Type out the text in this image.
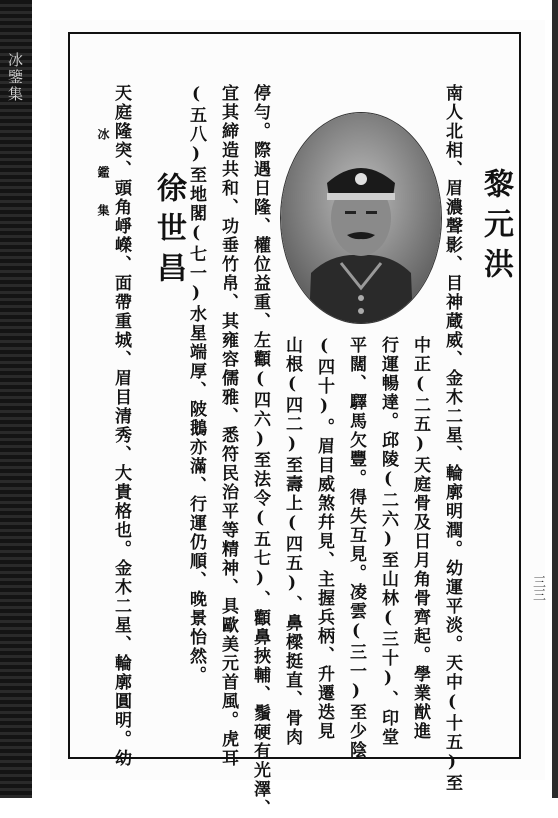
冰鑒集
三三
冰 鑑 集	黎元洪
南人北相、眉濃聲影、目神蔵威、金木二星、輪廓明潤。幼運平淡。天中(十五)至
中正(二五)天庭骨及日月角骨齊起。學業猷進
行運暢達。邱陵(二六)至山林(三十)、印堂
平闊、驛馬欠豐。得失互見。凌雲(三一)至少陰
(四十)。眉目威煞幷見、主握兵柄、升遷迭見
山根(四二)至壽上(四五)、鼻樑挺直、骨肉
停勻。際遇日隆、權位益重、左顴(四六)至法令(五七)、顴鼻挾輔、鬚硬有光澤、
宜其締造共和、功垂竹帛、其雍容儒雅、悉符民治平等精神、具歐美元首風。虎耳
(五八)至地閣(七一)水星端厚、陂鵝亦滿、行運仍順、晚景怡然。
徐世昌
天庭隆突、頭角崢嶸、面帶重城、眉目清秀、大貴格也。金木二星、輪廓圓明。幼
